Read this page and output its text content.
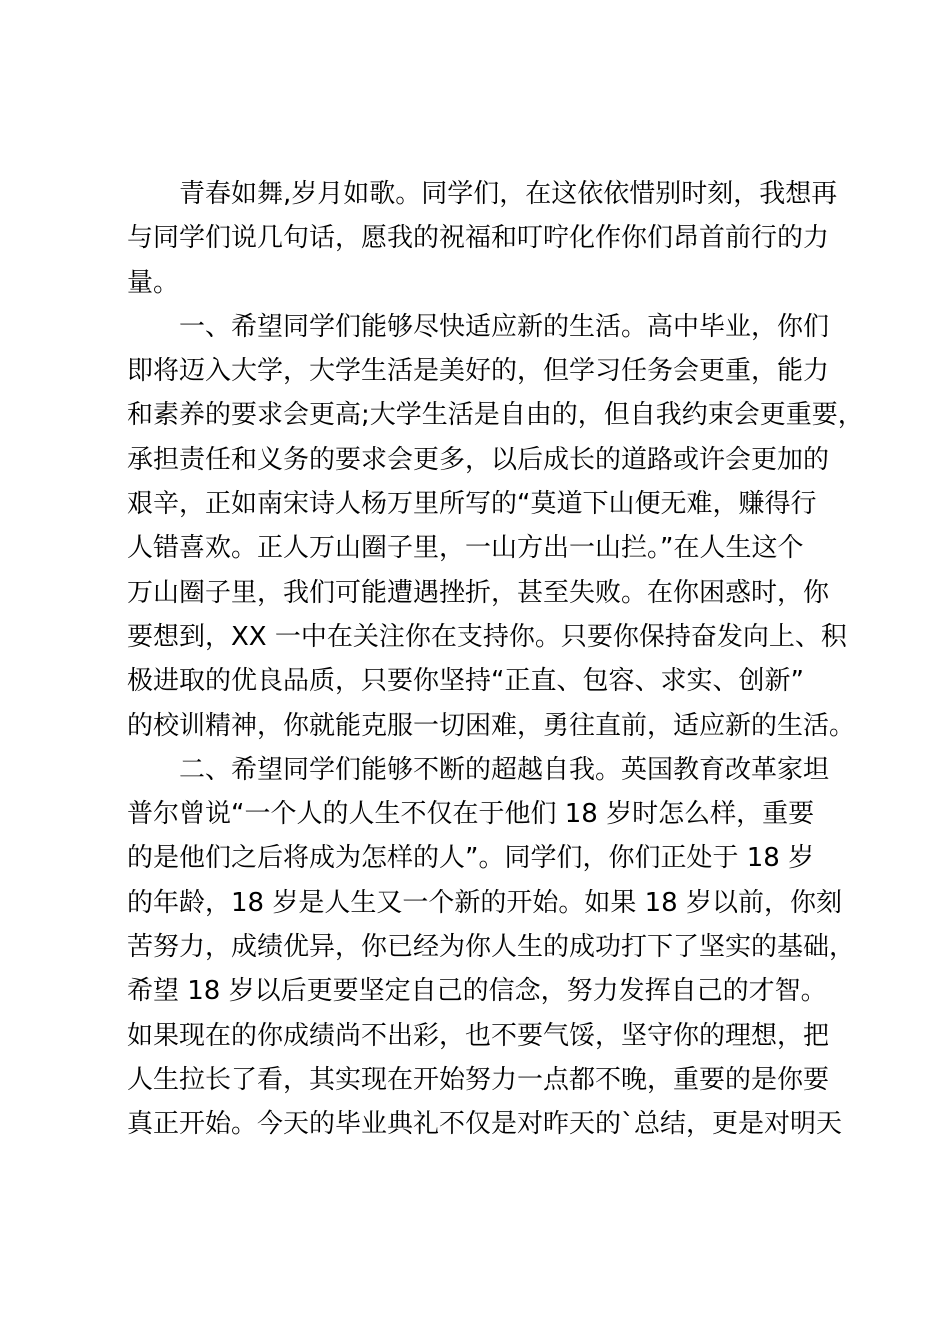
青春如舞,岁月如歌。同学们，在这依依惜别时刻，我想再
与同学们说几句话，愿我的祝福和叮咛化作你们昂首前行的力
量。
一、希望同学们能够尽快适应新的生活。高中毕业，你们
即将迈入大学，大学生活是美好的，但学习任务会更重，能力
和素养的要求会更高;大学生活是自由的，但自我约束会更重要，
承担责任和义务的要求会更多，以后成长的道路或许会更加的
艰辛，正如南宋诗人杨万里所写的“莫道下山便无难，赚得行
人错喜欢。正人万山圈子里，一山方出一山拦。”在人生这个
万山圈子里，我们可能遭遇挫折，甚至失败。在你困惑时，你
要想到，XX 一中在关注你在支持你。只要你保持奋发向上、积
极进取的优良品质，只要你坚持“正直、包容、求实、创新”
的校训精神，你就能克服一切困难，勇往直前，适应新的生活。
二、希望同学们能够不断的超越自我。英国教育改革家坦
普尔曾说“一个人的人生不仅在于他们 18 岁时怎么样，重要
的是他们之后将成为怎样的人”。同学们，你们正处于 18 岁
的年龄，18 岁是人生又一个新的开始。如果 18 岁以前，你刻
苦努力，成绩优异，你已经为你人生的成功打下了坚实的基础，
希望 18 岁以后更要坚定自己的信念，努力发挥自己的才智。
如果现在的你成绩尚不出彩，也不要气馁，坚守你的理想，把
人生拉长了看，其实现在开始努力一点都不晚，重要的是你要
真正开始。今天的毕业典礼不仅是对昨天的`总结，更是对明天
